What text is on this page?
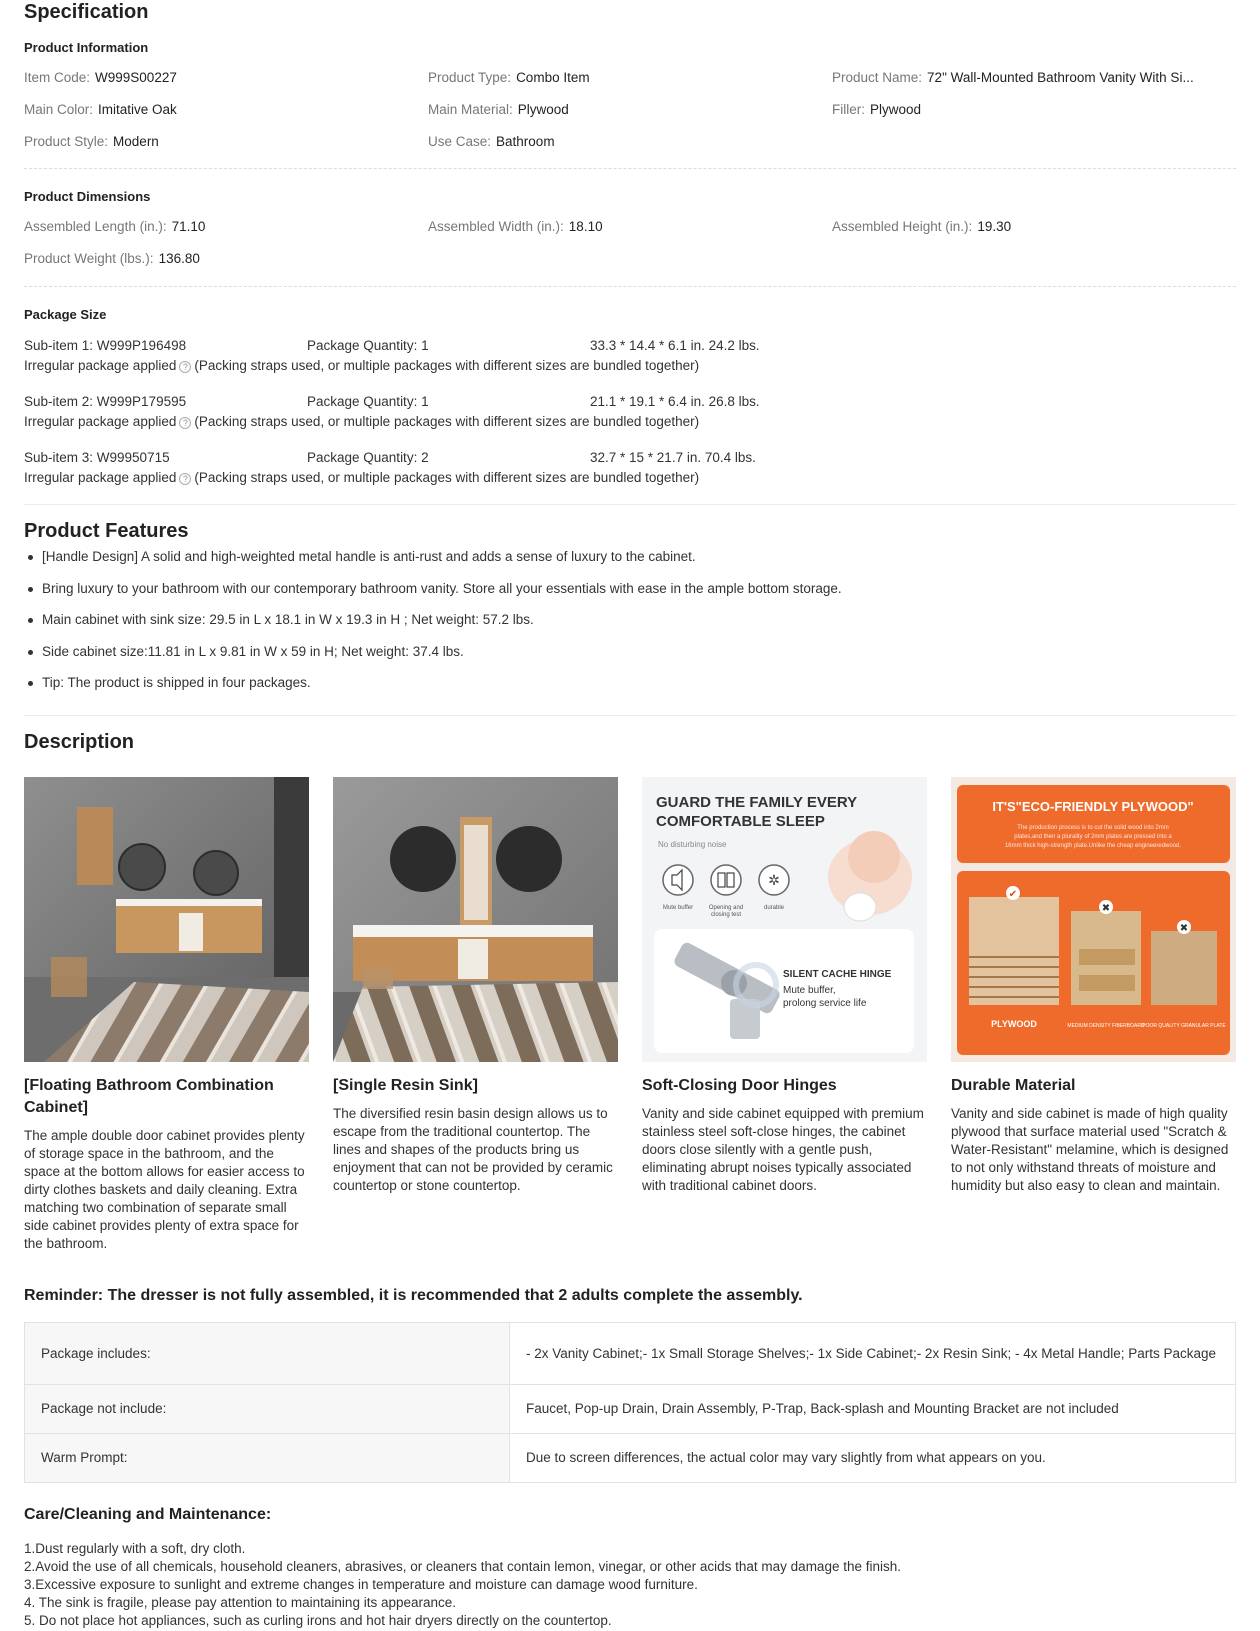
Specification
Product Information
Item Code: W999S00227	Product Type: Combo Item	Product Name: 72" Wall-Mounted Bathroom Vanity With Si...
Main Color: Imitative Oak	Main Material: Plywood	Filler: Plywood
Product Style: Modern	Use Case: Bathroom
Product Dimensions
Assembled Length (in.): 71.10	Assembled Width (in.): 18.10	Assembled Height (in.): 19.30
Product Weight (lbs.): 136.80
Package Size
Sub-item 1: W999P196498	Package Quantity: 1	33.3 * 14.4 * 6.1 in. 24.2 lbs.
Irregular package applied ? (Packing straps used, or multiple packages with different sizes are bundled together)
Sub-item 2: W999P179595	Package Quantity: 1	21.1 * 19.1 * 6.4 in. 26.8 lbs.
Irregular package applied ? (Packing straps used, or multiple packages with different sizes are bundled together)
Sub-item 3: W99950715	Package Quantity: 2	32.7 * 15 * 21.7 in. 70.4 lbs.
Irregular package applied ? (Packing straps used, or multiple packages with different sizes are bundled together)
Product Features
[Handle Design] A solid and high-weighted metal handle is anti-rust and adds a sense of luxury to the cabinet.
Bring luxury to your bathroom with our contemporary bathroom vanity. Store all your essentials with ease in the ample bottom storage.
Main cabinet with sink size: 29.5 in L x 18.1 in W x 19.3 in H ; Net weight: 57.2 lbs.
Side cabinet size:11.81 in L x 9.81 in W x 59 in H; Net weight: 37.4 lbs.
Tip: The product is shipped in four packages.
Description
[Floating Bathroom Combination Cabinet]
The ample double door cabinet provides plenty of storage space in the bathroom, and the space at the bottom allows for easier access to dirty clothes baskets and daily cleaning. Extra matching two combination of separate small side cabinet provides plenty of extra space for the bathroom.
[Single Resin Sink]
The diversified resin basin design allows us to escape from the traditional countertop. The lines and shapes of the products bring us enjoyment that can not be provided by ceramic countertop or stone countertop.
GUARD THE FAMILY EVERY
COMFORTABLE SLEEP
No disturbing noise
✲
Mute buffer	Opening and
closing test
durable
SILENT CACHE HINGE
Mute buffer,
prolong service life
Soft-Closing Door Hinges
Vanity and side cabinet equipped with premium stainless steel soft-close hinges, the cabinet doors close silently with a gentle push, eliminating abrupt noises typically associated with traditional cabinet doors.
IT'S"ECO-FRIENDLY PLYWOOD"
The production process is to cut the solid wood into 2mm
plates,and then a plurality of 2mm plates are pressed into a
16mm thick high-strength plate.Unlike the cheap engineeredwood.
✔
✖
✖
PLYWOOD	MEDIUM DENSITY FIBERBOARD
POOR QUALITY GRANULAR PLATE
Durable Material
Vanity and side cabinet is made of high quality plywood that surface material used "Scratch & Water-Resistant" melamine, which is designed to not only withstand threats of moisture and humidity but also easy to clean and maintain.
Reminder: The dresser is not fully assembled, it is recommended that 2 adults complete the assembly.
Package includes:	- 2x Vanity Cabinet;- 1x Small Storage Shelves;- 1x Side Cabinet;- 2x Resin Sink; - 4x Metal Handle; Parts Package
Package not include:	Faucet, Pop-up Drain, Drain Assembly, P-Trap, Back-splash and Mounting Bracket are not included
Warm Prompt:	Due to screen differences, the actual color may vary slightly from what appears on you.
Care/Cleaning and Maintenance:
1.Dust regularly with a soft, dry cloth.
2.Avoid the use of all chemicals, household cleaners, abrasives, or cleaners that contain lemon, vinegar, or other acids that may damage the finish.
3.Excessive exposure to sunlight and extreme changes in temperature and moisture can damage wood furniture.
4. The sink is fragile, please pay attention to maintaining its appearance.
5. Do not place hot appliances, such as curling irons and hot hair dryers directly on the countertop.
